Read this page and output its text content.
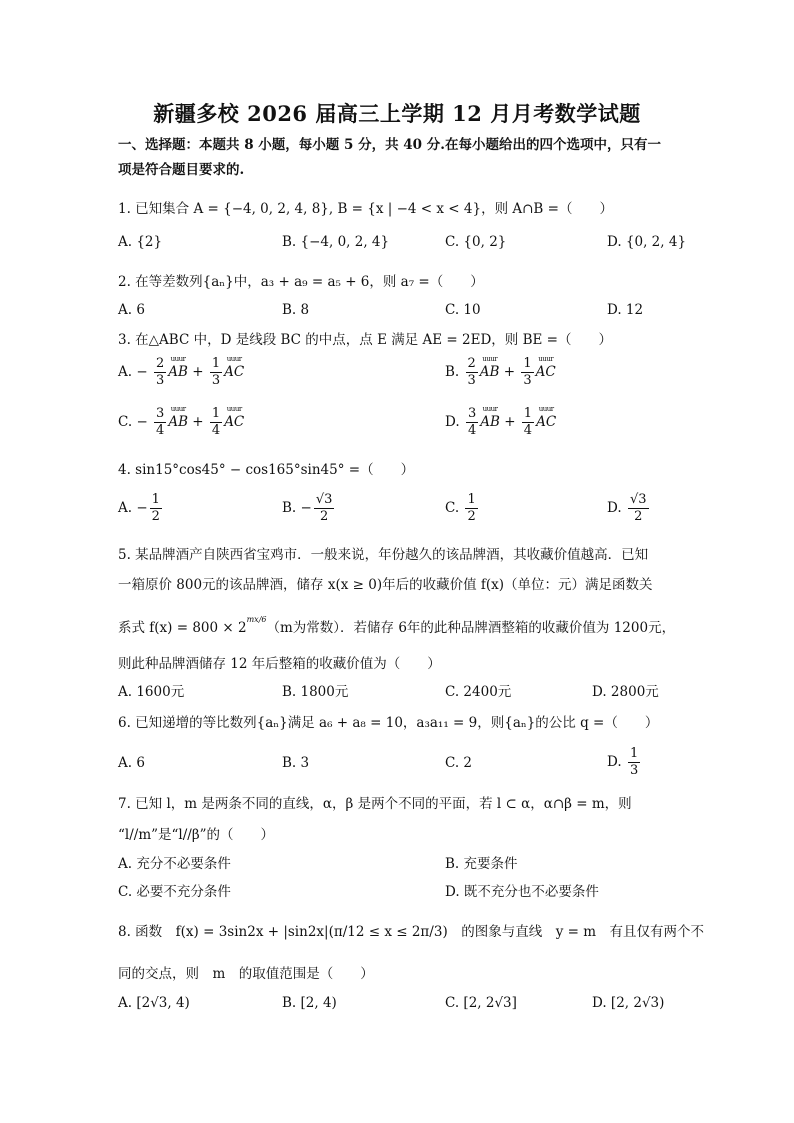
新疆多校 2026 届高三上学期 12 月月考数学试题
一、选择题：本题共 8 小题，每小题 5 分，共 40 分.在每小题给出的四个选项中，只有一
项是符合题目要求的.
1. 已知集合 A = {−4, 0, 2, 4, 8}, B = {x | −4 < x < 4}，则 A∩B =（　　）
A. {2}	B. {−4, 0, 2, 4}	C. {0, 2}	D. {0, 2, 4}
2. 在等差数列{aₙ}中，a₃ + a₉ = a₅ + 6，则 a₇ =（　　）
A. 6	B. 8	C. 10	D. 12
3. 在△ABC 中，D 是线段 BC 的中点，点 E 满足 AE = 2ED，则 BE =（　　）
A. − $\frac{2}{3}$ uuur AB + $\frac{1}{3}$ uuur AC	B. $\frac{2}{3}$ uuur AB + $\frac{1}{3}$ uuur AC
C. − $\frac{3}{4}$ uuur AB + $\frac{1}{4}$ uuur AC	D. $\frac{3}{4}$ uuur AB + $\frac{1}{4}$ uuur AC
4. sin15°cos45° − cos165°sin45° =（　　）
A. − $\frac{1}{2}$	B. − $\frac{√3}{2}$	C. $\frac{1}{2}$	D. $\frac{√3}{2}$
5. 某品牌酒产自陕西省宝鸡市．一般来说，年份越久的该品牌酒，其收藏价值越高．已知
一箱原价 800元的该品牌酒，储存 x(x ≥ 0)年后的收藏价值 f(x)（单位：元）满足函数关
系式 $f(x) = 800 \times 2^{mx/6}(m$为常数）．若储存 6年的此种品牌酒整箱的收藏价值为 1200元，
则此种品牌酒储存 12 年后整箱的收藏价值为（　　）
A. 1600元	B. 1800元	C. 2400元	D. 2800元
6. 已知递增的等比数列{aₙ}满足 a₆ + a₈ = 10，a₃a₁₁ = 9，则{aₙ}的公比 q =（　　）
A. 6	B. 3	C. 2	D. $\frac{1}{3}$
7. 已知 l，m 是两条不同的直线，α，β 是两个不同的平面，若 l ⊂ α，α∩β = m，则
“l//m”是“l//β”的（　　）
A. 充分不必要条件	B. 充要条件
C. 必要不充分条件	D. 既不充分也不必要条件
8. 函数　f(x) = 3sin2x + |sin2x|(π/12 ≤ x ≤ 2π/3)　的图象与直线　y = m　有且仅有两个不
同的交点，则　m　的取值范围是（　　）
A. [2√3, 4)	B. [2, 4)	C. [2, 2√3]	D. [2, 2√3)
